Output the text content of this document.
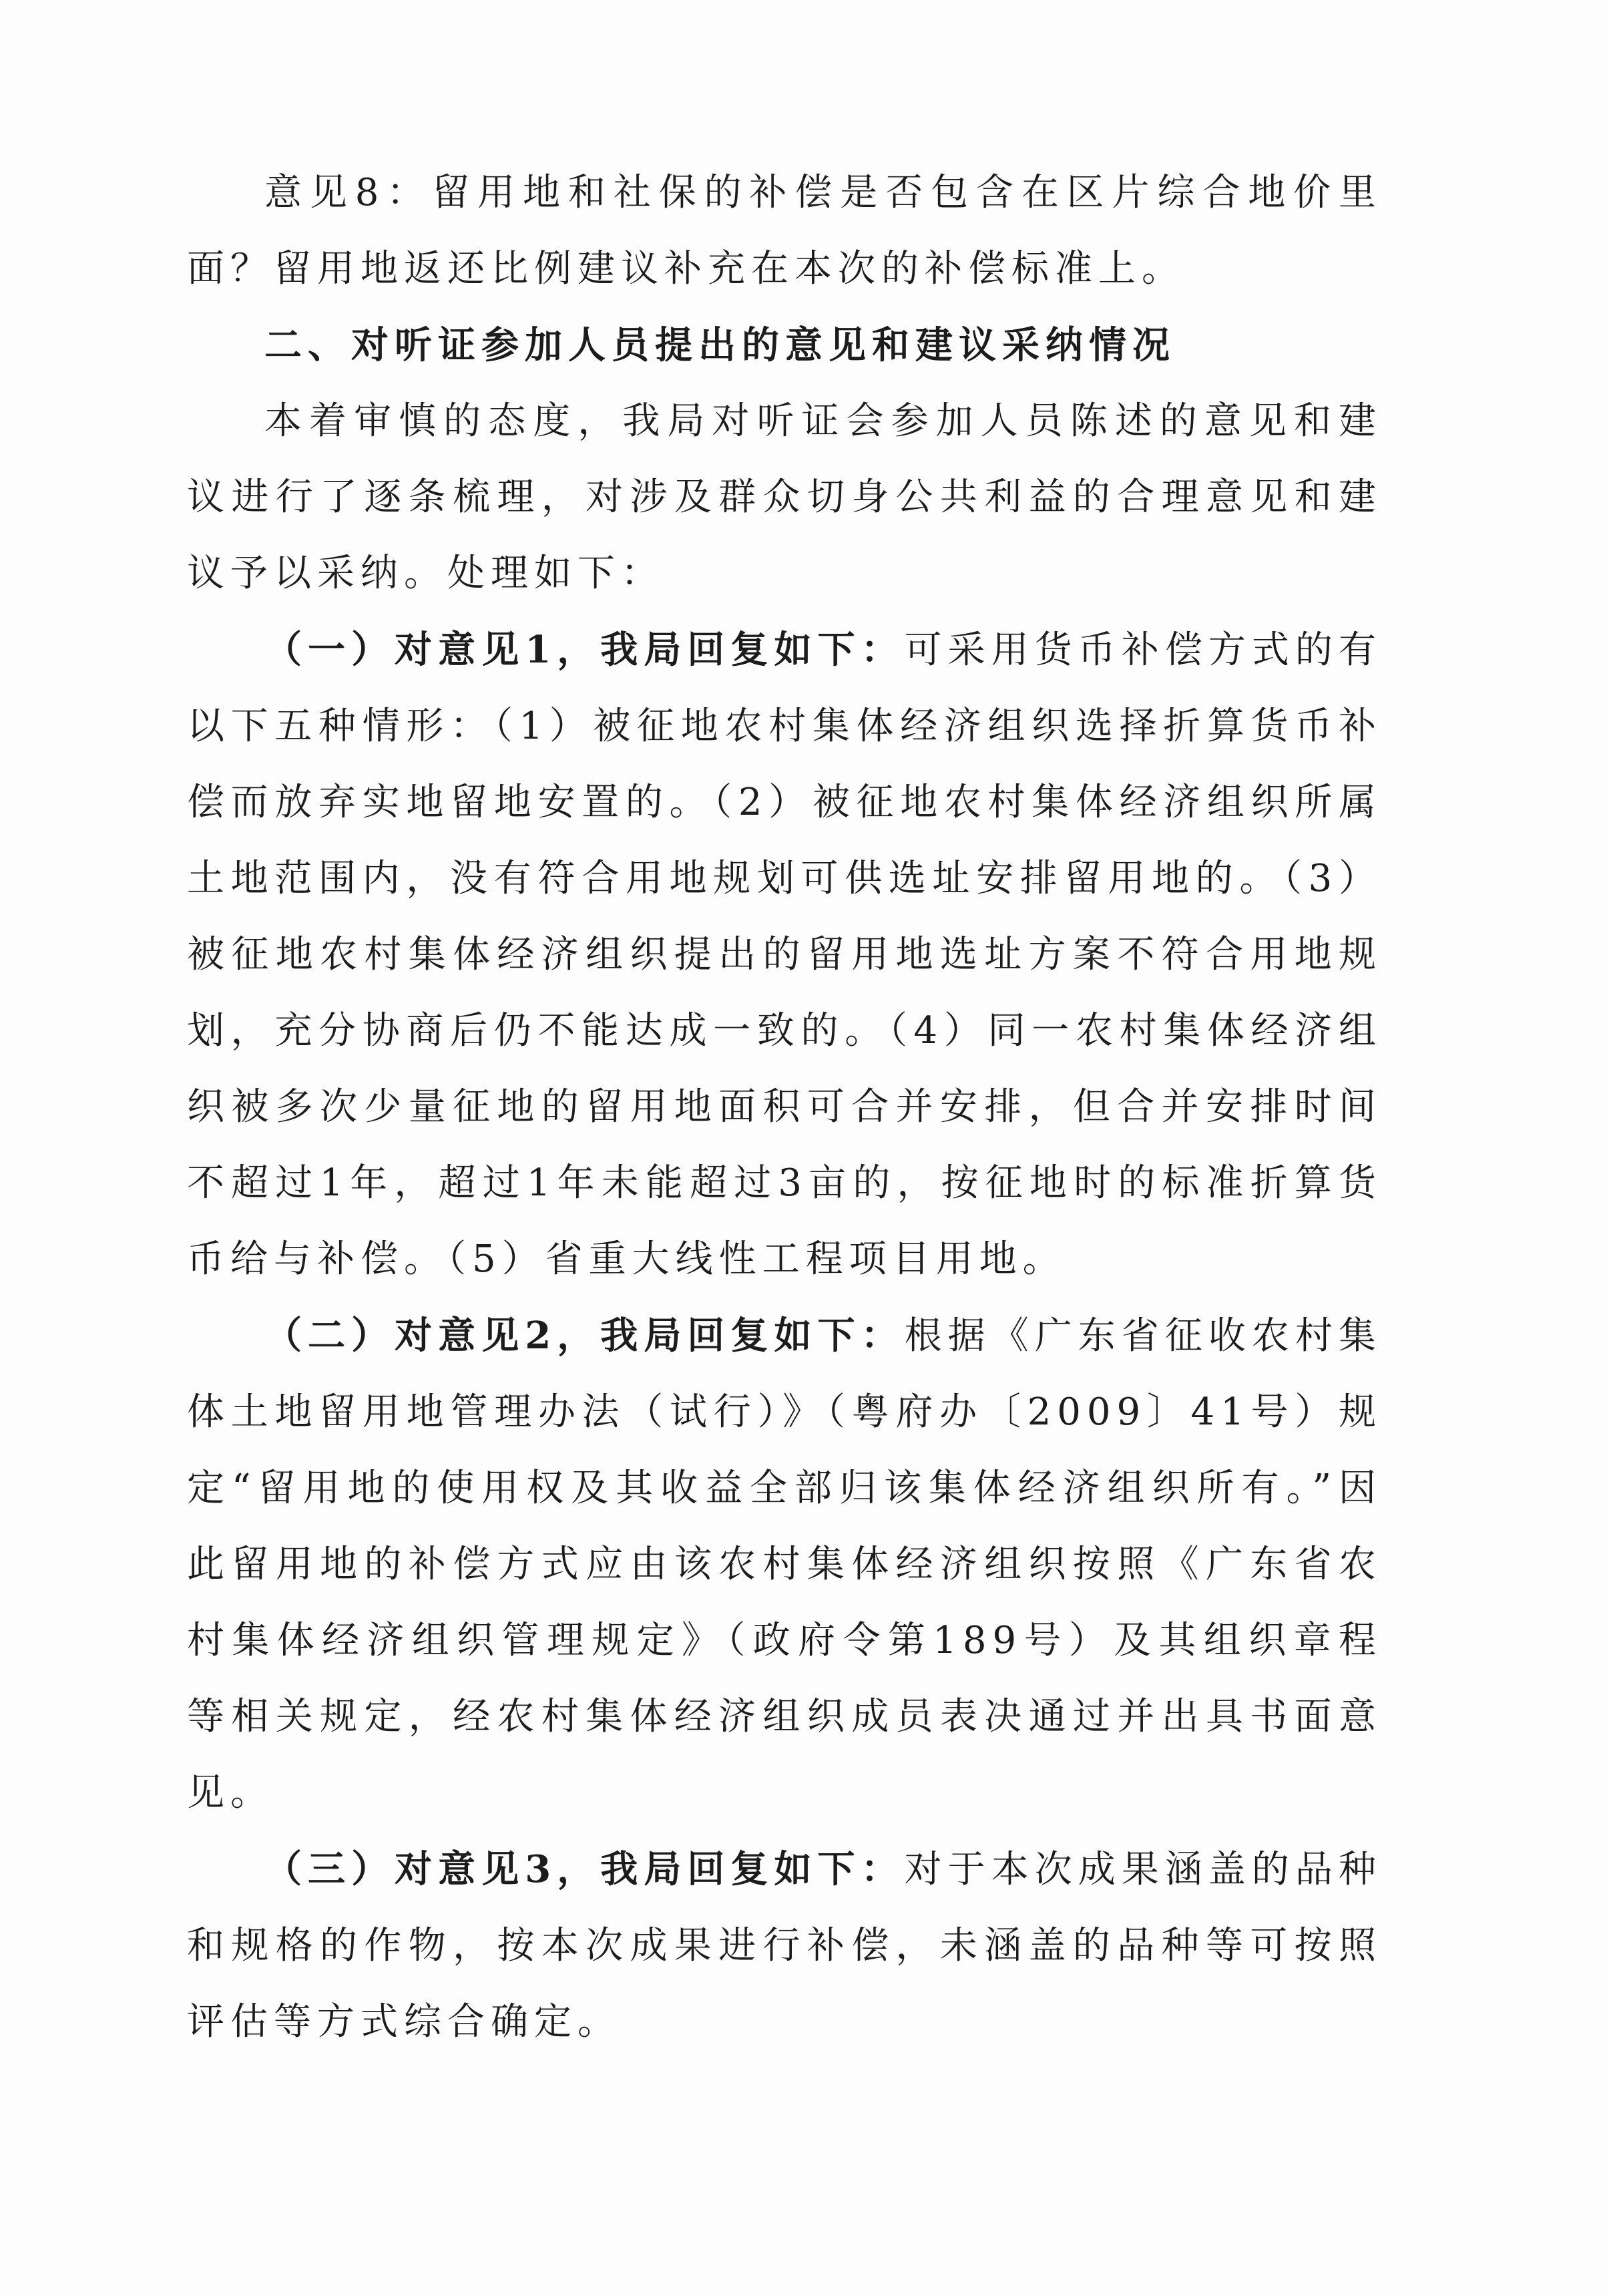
意见8：留用地和社保的补偿是否包含在区片综合地价里面？留用地返还比例建议补充在本次的补偿标准上。

二、对听证参加人员提出的意见和建议采纳情况

本着审慎的态度，我局对听证会参加人员陈述的意见和建议进行了逐条梳理，对涉及群众切身公共利益的合理意见和建议予以采纳。处理如下：

（一）对意见1，我局回复如下：可采用货币补偿方式的有以下五种情形：（1）被征地农村集体经济组织选择折算货币补偿而放弃实地留地安置的。（2）被征地农村集体经济组织所属土地范围内，没有符合用地规划可供选址安排留用地的。（3）被征地农村集体经济组织提出的留用地选址方案不符合用地规划，充分协商后仍不能达成一致的。（4）同一农村集体经济组织被多次少量征地的留用地面积可合并安排，但合并安排时间不超过1年，超过1年未能超过3亩的，按征地时的标准折算货币给与补偿。（5）省重大线性工程项目用地。

（二）对意见2，我局回复如下：根据《广东省征收农村集体土地留用地管理办法（试行）》（粤府办〔2009〕41号）规定“留用地的使用权及其收益全部归该集体经济组织所有。”因此留用地的补偿方式应由该农村集体经济组织按照《广东省农村集体经济组织管理规定》（政府令第189号）及其组织章程等相关规定，经农村集体经济组织成员表决通过并出具书面意见。

（三）对意见3，我局回复如下：对于本次成果涵盖的品种和规格的作物，按本次成果进行补偿，未涵盖的品种等可按照评估等方式综合确定。
